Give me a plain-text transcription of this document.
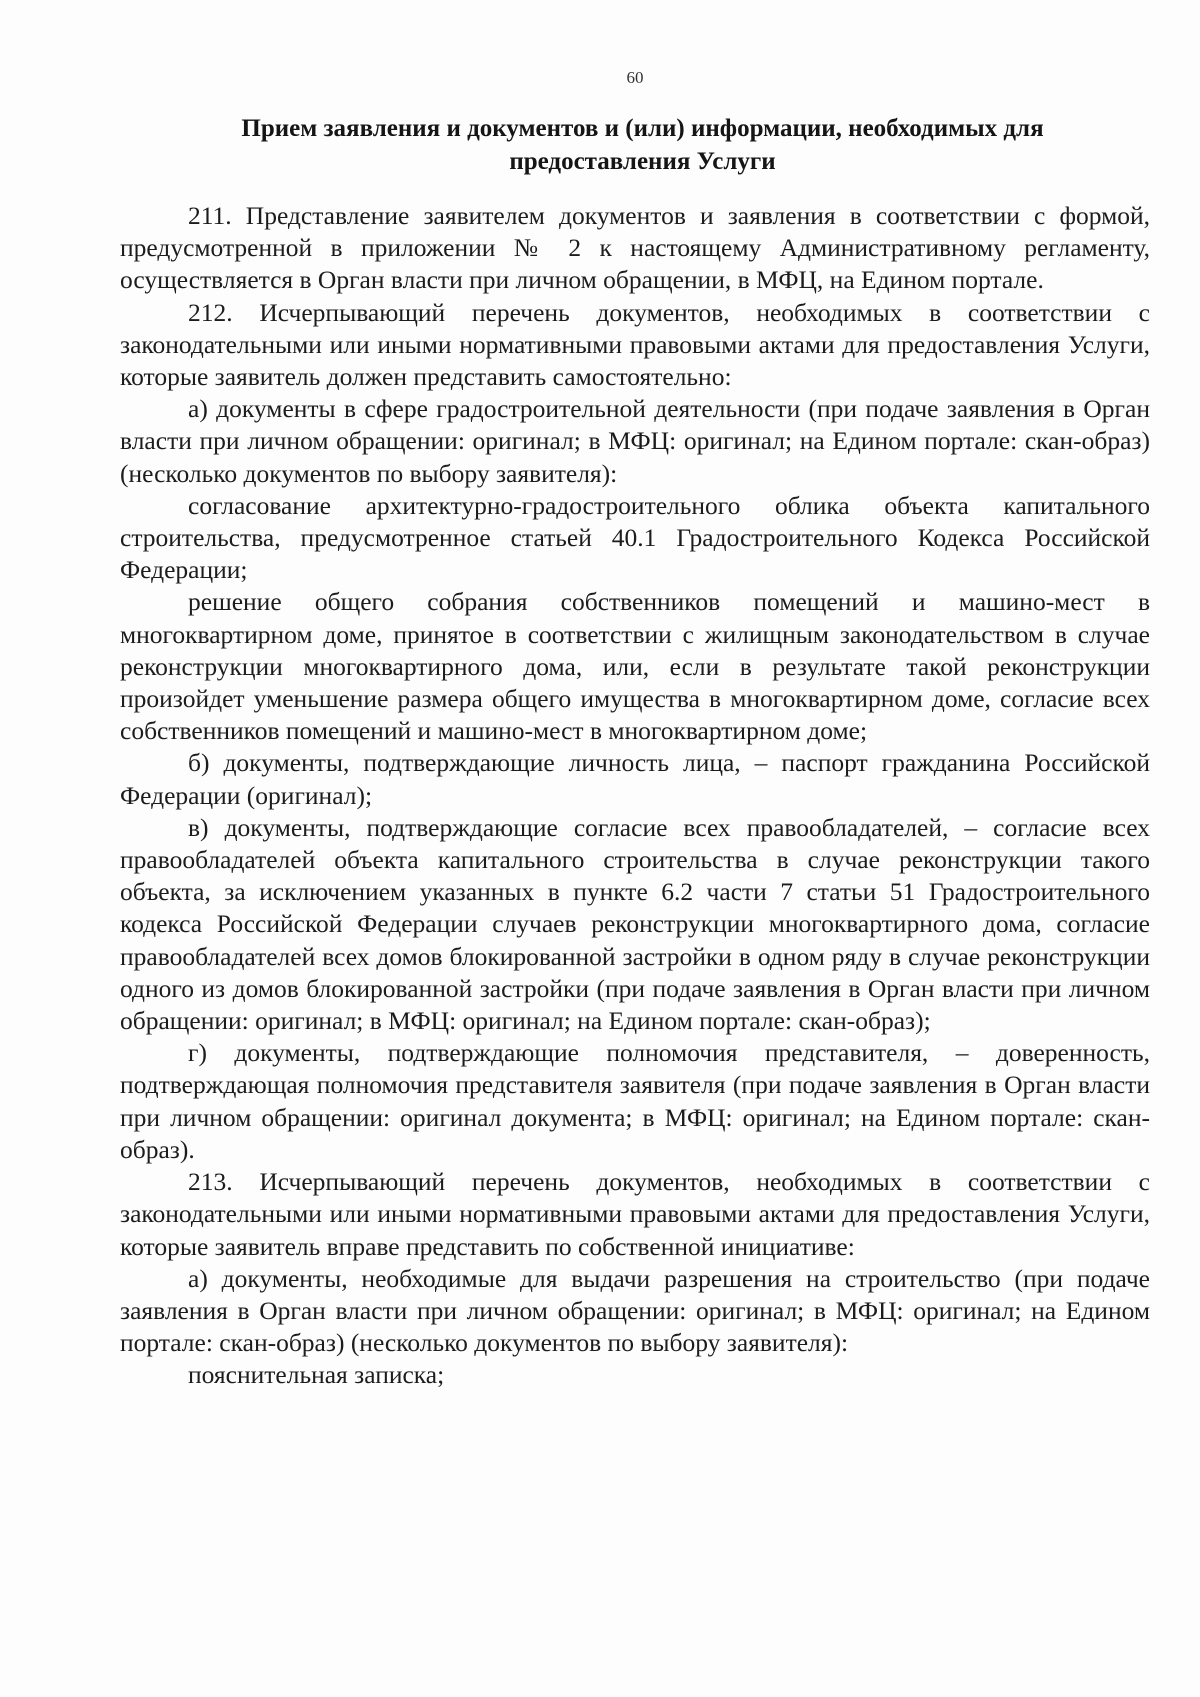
60
Прием заявления и документов и (или) информации, необходимых для
предоставления Услуги

211. Представление заявителем документов и заявления в соответствии с формой, предусмотренной в приложении № 2 к настоящему Административному регламенту, осуществляется в Орган власти при личном обращении, в МФЦ, на Едином портале.

212. Исчерпывающий перечень документов, необходимых в соответствии с законодательными или иными нормативными правовыми актами для предоставления Услуги, которые заявитель должен представить самостоятельно:

а) документы в сфере градостроительной деятельности (при подаче заявления в Орган власти при личном обращении: оригинал; в МФЦ: оригинал; на Едином портале: скан-образ) (несколько документов по выбору заявителя):

согласование архитектурно-градостроительного облика объекта капитального строительства, предусмотренное статьей 40.1 Градостроительного Кодекса Российской Федерации;

решение общего собрания собственников помещений и машино-мест в многоквартирном доме, принятое в соответствии с жилищным законодательством в случае реконструкции многоквартирного дома, или, если в результате такой реконструкции произойдет уменьшение размера общего имущества в многоквартирном доме, согласие всех собственников помещений и машино-мест в многоквартирном доме;

б) документы, подтверждающие личность лица, – паспорт гражданина Российской Федерации (оригинал);

в) документы, подтверждающие согласие всех правообладателей, – согласие всех правообладателей объекта капитального строительства в случае реконструкции такого объекта, за исключением указанных в пункте 6.2 части 7 статьи 51 Градостроительного кодекса Российской Федерации случаев реконструкции многоквартирного дома, согласие правообладателей всех домов блокированной застройки в одном ряду в случае реконструкции одного из домов блокированной застройки (при подаче заявления в Орган власти при личном обращении: оригинал; в МФЦ: оригинал; на Едином портале: скан-образ);

г) документы, подтверждающие полномочия представителя, – доверенность, подтверждающая полномочия представителя заявителя (при подаче заявления в Орган власти при личном обращении: оригинал документа; в МФЦ: оригинал; на Едином портале: скан-образ).

213. Исчерпывающий перечень документов, необходимых в соответствии с законодательными или иными нормативными правовыми актами для предоставления Услуги, которые заявитель вправе представить по собственной инициативе:

а) документы, необходимые для выдачи разрешения на строительство (при подаче заявления в Орган власти при личном обращении: оригинал; в МФЦ: оригинал; на Едином портале: скан-образ) (несколько документов по выбору заявителя):

пояснительная записка;
